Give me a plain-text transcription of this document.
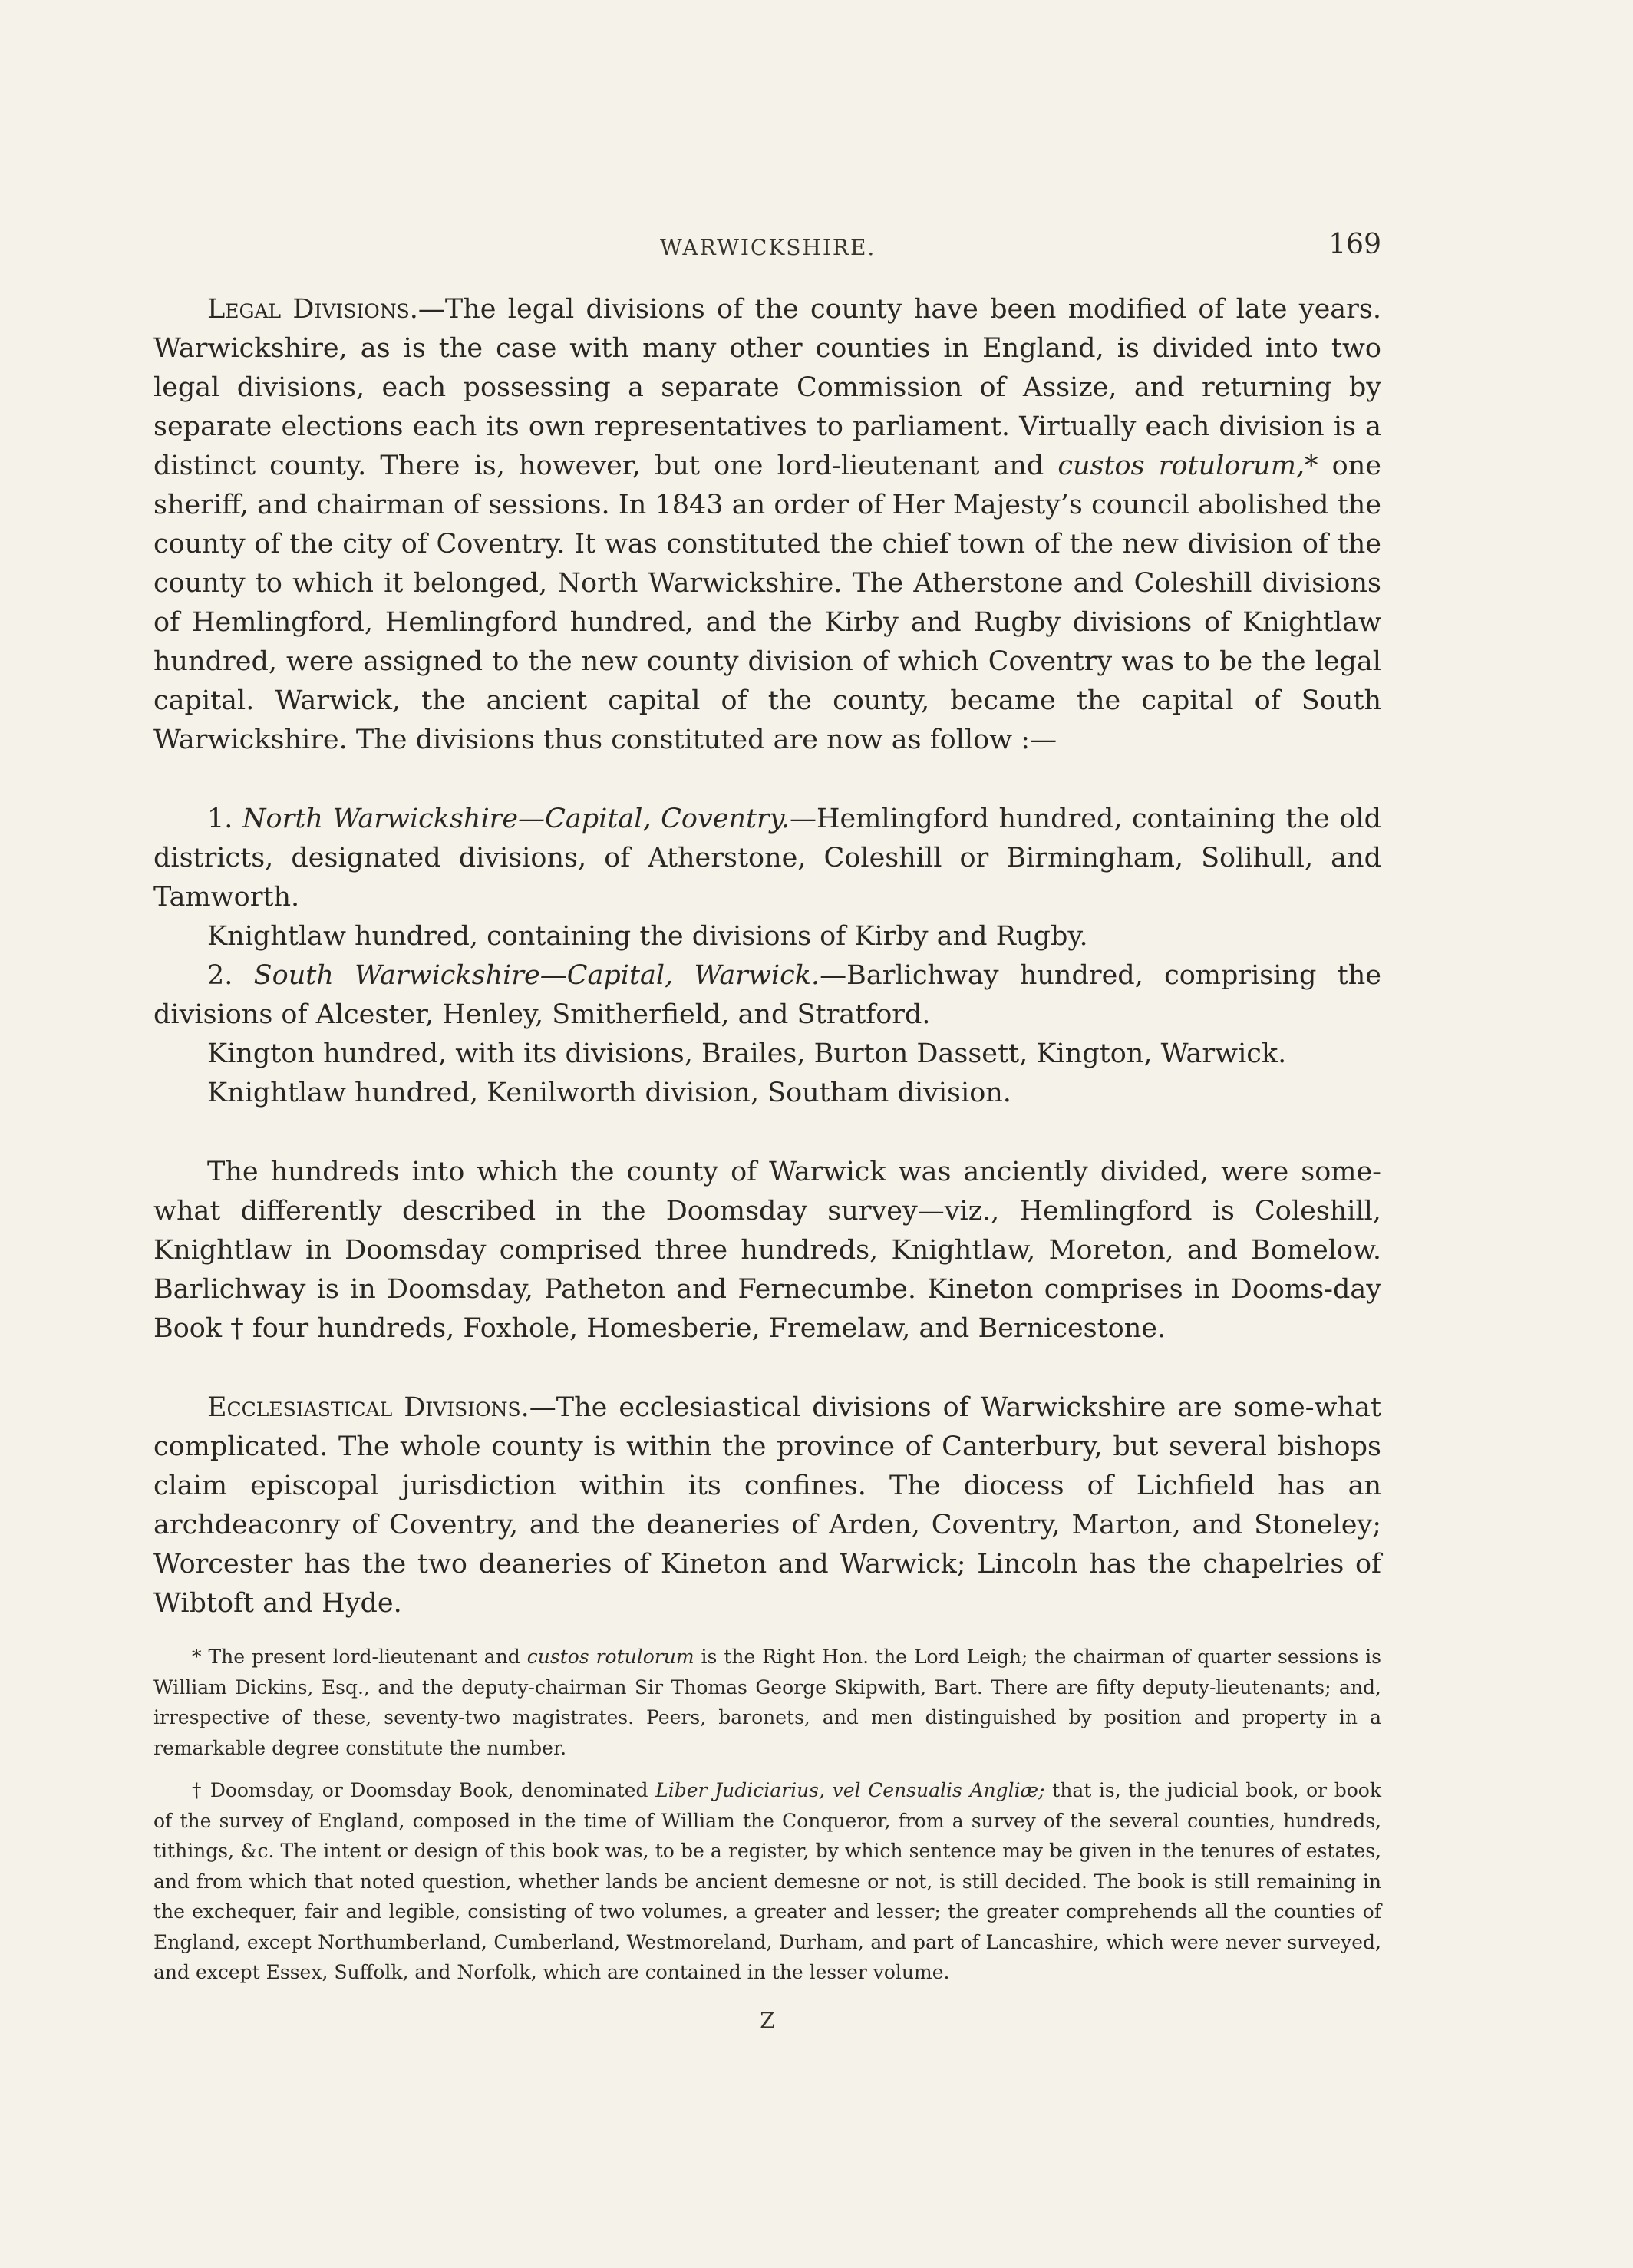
WARWICKSHIRE.	169

Legal Divisions.—The legal divisions of the county have been modified of late years. Warwickshire, as is the case with many other counties in England, is divided into two legal divisions, each possessing a separate Commission of Assize, and returning by separate elections each its own representatives to parliament. Virtually each division is a distinct county. There is, however, but one lord-lieutenant and custos rotulorum,* one sheriff, and chairman of sessions. In 1843 an order of Her Majesty’s council abolished the county of the city of Coventry. It was constituted the chief town of the new division of the county to which it belonged, North Warwickshire. The Atherstone and Coleshill divisions of Hemlingford, Hemlingford hundred, and the Kirby and Rugby divisions of Knightlaw hundred, were assigned to the new county division of which Coventry was to be the legal capital. Warwick, the ancient capital of the county, became the capital of South Warwickshire. The divisions thus constituted are now as follow :—

1. North Warwickshire—Capital, Coventry.—Hemlingford hundred, containing the old districts, designated divisions, of Atherstone, Coleshill or Birmingham, Solihull, and Tamworth.

Knightlaw hundred, containing the divisions of Kirby and Rugby.

2. South Warwickshire—Capital, Warwick.—Barlichway hundred, comprising the divisions of Alcester, Henley, Smitherfield, and Stratford.

Kington hundred, with its divisions, Brailes, Burton Dassett, Kington, Warwick.

Knightlaw hundred, Kenilworth division, Southam division.

The hundreds into which the county of Warwick was anciently divided, were some-what differently described in the Doomsday survey—viz., Hemlingford is Coleshill, Knightlaw in Doomsday comprised three hundreds, Knightlaw, Moreton, and Bomelow. Barlichway is in Doomsday, Patheton and Fernecumbe. Kineton comprises in Dooms-day Book † four hundreds, Foxhole, Homesberie, Fremelaw, and Bernicestone.

Ecclesiastical Divisions.—The ecclesiastical divisions of Warwickshire are some-what complicated. The whole county is within the province of Canterbury, but several bishops claim episcopal jurisdiction within its confines. The diocess of Lichfield has an archdeaconry of Coventry, and the deaneries of Arden, Coventry, Marton, and Stoneley; Worcester has the two deaneries of Kineton and Warwick; Lincoln has the chapelries of Wibtoft and Hyde.

* The present lord-lieutenant and custos rotulorum is the Right Hon. the Lord Leigh; the chairman of quarter sessions is William Dickins, Esq., and the deputy-chairman Sir Thomas George Skipwith, Bart. There are fifty deputy-lieutenants; and, irrespective of these, seventy-two magistrates. Peers, baronets, and men distinguished by position and property in a remarkable degree constitute the number.

† Doomsday, or Doomsday Book, denominated Liber Judiciarius, vel Censualis Angliæ; that is, the judicial book, or book of the survey of England, composed in the time of William the Conqueror, from a survey of the several counties, hundreds, tithings, &c. The intent or design of this book was, to be a register, by which sentence may be given in the tenures of estates, and from which that noted question, whether lands be ancient demesne or not, is still decided. The book is still remaining in the exchequer, fair and legible, consisting of two volumes, a greater and lesser; the greater comprehends all the counties of England, except Northumberland, Cumberland, Westmoreland, Durham, and part of Lancashire, which were never surveyed, and except Essex, Suffolk, and Norfolk, which are contained in the lesser volume.

Z
